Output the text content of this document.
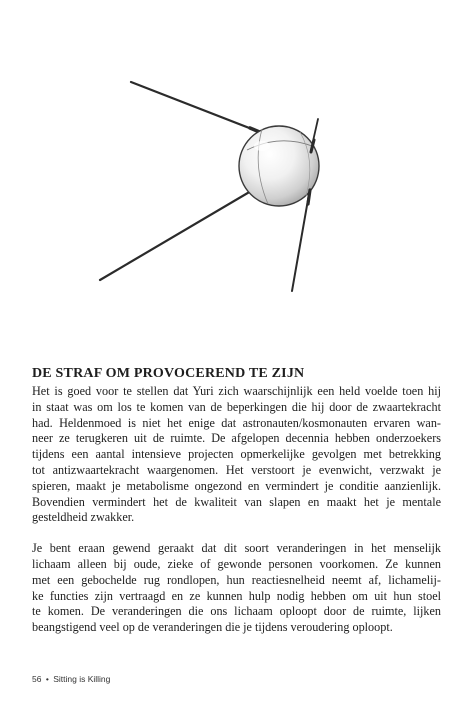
DE STRAF OM PROVOCEREND TE ZIJN

Het is goed voor te stellen dat Yuri zich waarschijnlijk een held voelde toen hij
in staat was om los te komen van de beperkingen die hij door de zwaartekracht
had. Heldenmoed is niet het enige dat astronauten/kosmonauten ervaren wan-
neer ze terugkeren uit de ruimte. De afgelopen decennia hebben onderzoekers
tijdens een aantal intensieve projecten opmerkelijke gevolgen met betrekking
tot antizwaartekracht waargenomen. Het verstoort je evenwicht, verzwakt je
spieren, maakt je metabolisme ongezond en vermindert je conditie aanzienlijk.
Bovendien vermindert het de kwaliteit van slapen en maakt het je mentale
gesteldheid zwakker.

Je bent eraan gewend geraakt dat dit soort veranderingen in het menselijk
lichaam alleen bij oude, zieke of gewonde personen voorkomen. Ze kunnen
met een gebochelde rug rondlopen, hun reactiesnelheid neemt af, lichamelij-
ke functies zijn vertraagd en ze kunnen hulp nodig hebben om uit hun stoel
te komen. De veranderingen die ons lichaam oploopt door de ruimte, lijken
beangstigend veel op de veranderingen die je tijdens veroudering oploopt.

56 • Sitting is Killing
